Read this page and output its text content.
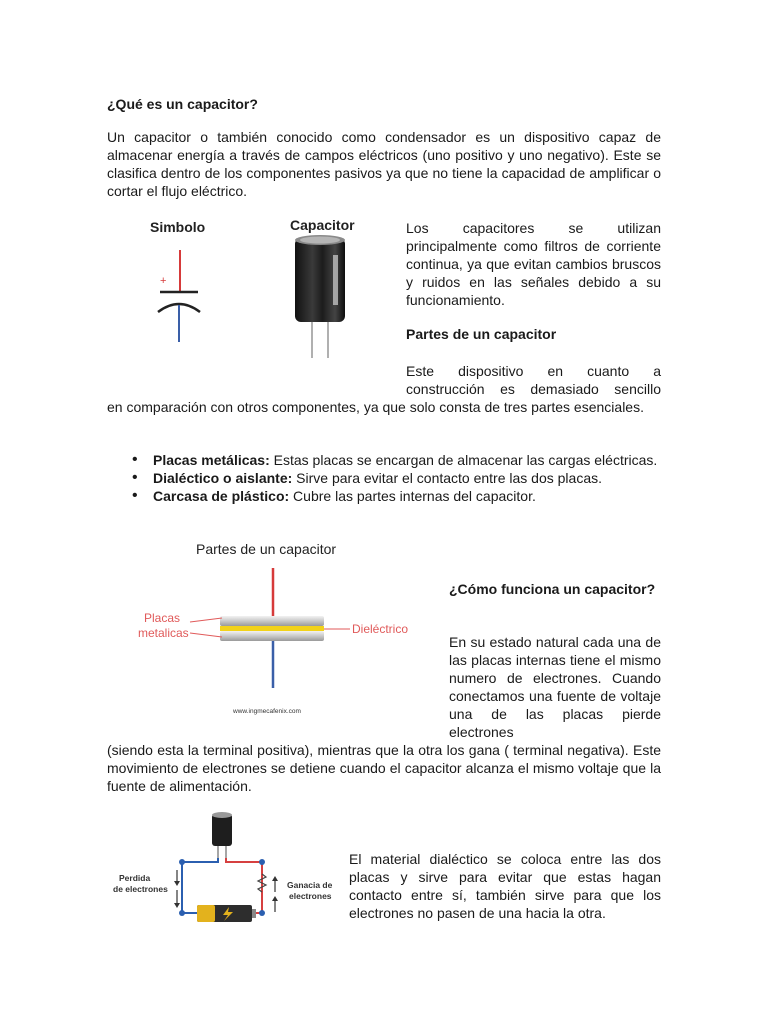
¿Qué es un capacitor?

Un capacitor o también conocido como condensador es un dispositivo capaz de almacenar energía a través de campos eléctricos (uno positivo y uno negativo). Este se clasifica dentro de los componentes pasivos ya que no tiene la capacidad de amplificar o cortar el flujo eléctrico.

Simbolo	Capacitor
+

Los capacitores se utilizan principalmente como filtros de corriente continua, ya que evitan cambios bruscos y ruidos en las señales debido a su funcionamiento.

Partes de un capacitor

Este dispositivo en cuanto a

construcción es demasiado sencillo

en comparación con otros componentes, ya que solo consta de tres partes esenciales.

• Placas metálicas: Estas placas se encargan de almacenar las cargas eléctricas.
• Dialéctico o aislante: Sirve para evitar el contacto entre las dos placas.
• Carcasa de plástico: Cubre las partes internas del capacitor.
Partes de un capacitor
Placas
metalicas	Dieléctrico
www.ingmecafenix.com
¿Cómo funciona un capacitor?

En su estado natural cada una de las placas internas tiene el mismo numero de electrones. Cuando conectamos una fuente de voltaje una de las placas pierde electrones

(siendo esta la terminal positiva), mientras que la otra los gana ( terminal negativa). Este movimiento de electrones se detiene cuando el capacitor alcanza el mismo voltaje que la fuente de alimentación.

Perdida
de electrones	Ganacia de
electrones

El material dialéctico se coloca entre las dos placas y sirve para evitar que estas hagan contacto entre sí, también sirve para que los electrones no pasen de una hacia la otra.
